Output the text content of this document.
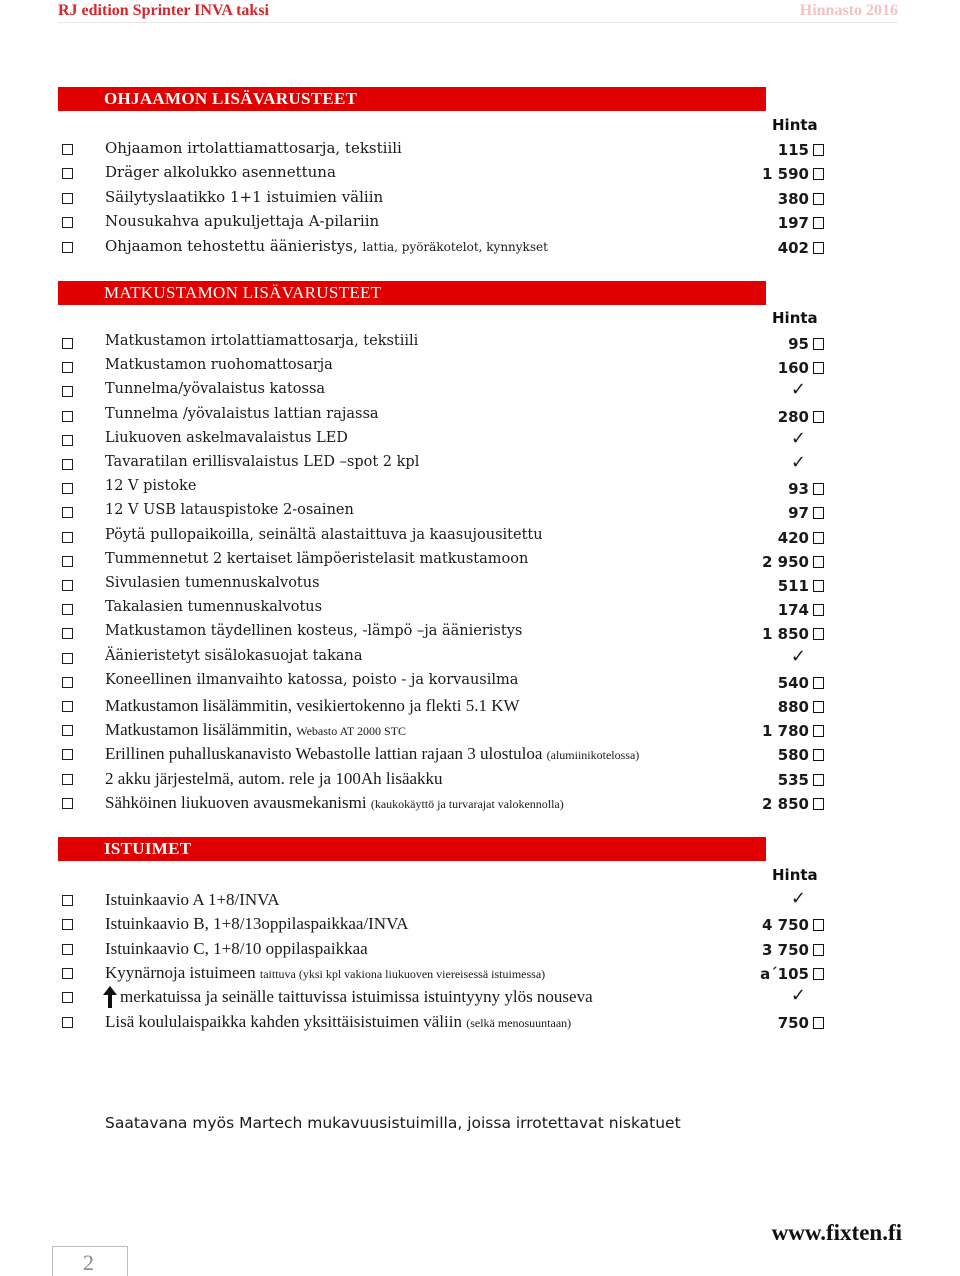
RJ edition Sprinter INVA taksi	Hinnasto 2016
OHJAAMON LISÄVARUSTEET
Hinta
Ohjaamon irtolattiamattosarja, tekstiili	115
Dräger alkolukko asennettuna	1 590
Säilytyslaatikko 1+1 istuimien väliin	380
Nousukahva apukuljettaja A-pilariin	197
Ohjaamon tehostettu äänieristys, lattia, pyöräkotelot, kynnykset	402
MATKUSTAMON LISÄVARUSTEET
Hinta
Matkustamon irtolattiamattosarja, tekstiili	95
Matkustamon ruohomattosarja	160
Tunnelma/yövalaistus katossa	✓
Tunnelma /yövalaistus lattian rajassa	280
Liukuoven askelmavalaistus LED	✓
Tavaratilan erillisvalaistus LED –spot 2 kpl	✓
12 V pistoke	93
12 V USB latauspistoke 2-osainen	97
Pöytä pullopaikoilla, seinältä alastaittuva ja kaasujousitettu	420
Tummennetut 2 kertaiset lämpöeristelasit matkustamoon	2 950
Sivulasien tumennuskalvotus	511
Takalasien tumennuskalvotus	174
Matkustamon täydellinen kosteus, -lämpö –ja äänieristys	1 850
Äänieristetyt sisälokasuojat takana	✓
Koneellinen ilmanvaihto katossa, poisto - ja korvausilma	540
Matkustamon lisälämmitin, vesikiertokenno ja flekti 5.1 KW	880
Matkustamon lisälämmitin, Webasto AT 2000 STC	1 780
Erillinen puhalluskanavisto Webastolle lattian rajaan 3 ulostuloa (alumiinikotelossa)	580
2 akku järjestelmä, autom. rele ja 100Ah lisäakku	535
Sähköinen liukuoven avausmekanismi (kaukokäyttö ja turvarajat valokennolla)	2 850
ISTUIMET
Hinta
Istuinkaavio A 1+8/INVA	✓
Istuinkaavio B, 1+8/13oppilaspaikkaa/INVA	4 750
Istuinkaavio C, 1+8/10 oppilaspaikkaa	3 750
Kyynärnoja istuimeen taittuva (yksi kpl vakiona liukuoven viereisessä istuimessa)	a´105
merkatuissa ja seinälle taittuvissa istuimissa istuintyyny ylös nouseva	✓
Lisä koululaispaikka kahden yksittäisistuimen väliin (selkä menosuuntaan)	750
Saatavana myös Martech mukavuusistuimilla, joissa irrotettavat niskatuet
www.fixten.fi
2
